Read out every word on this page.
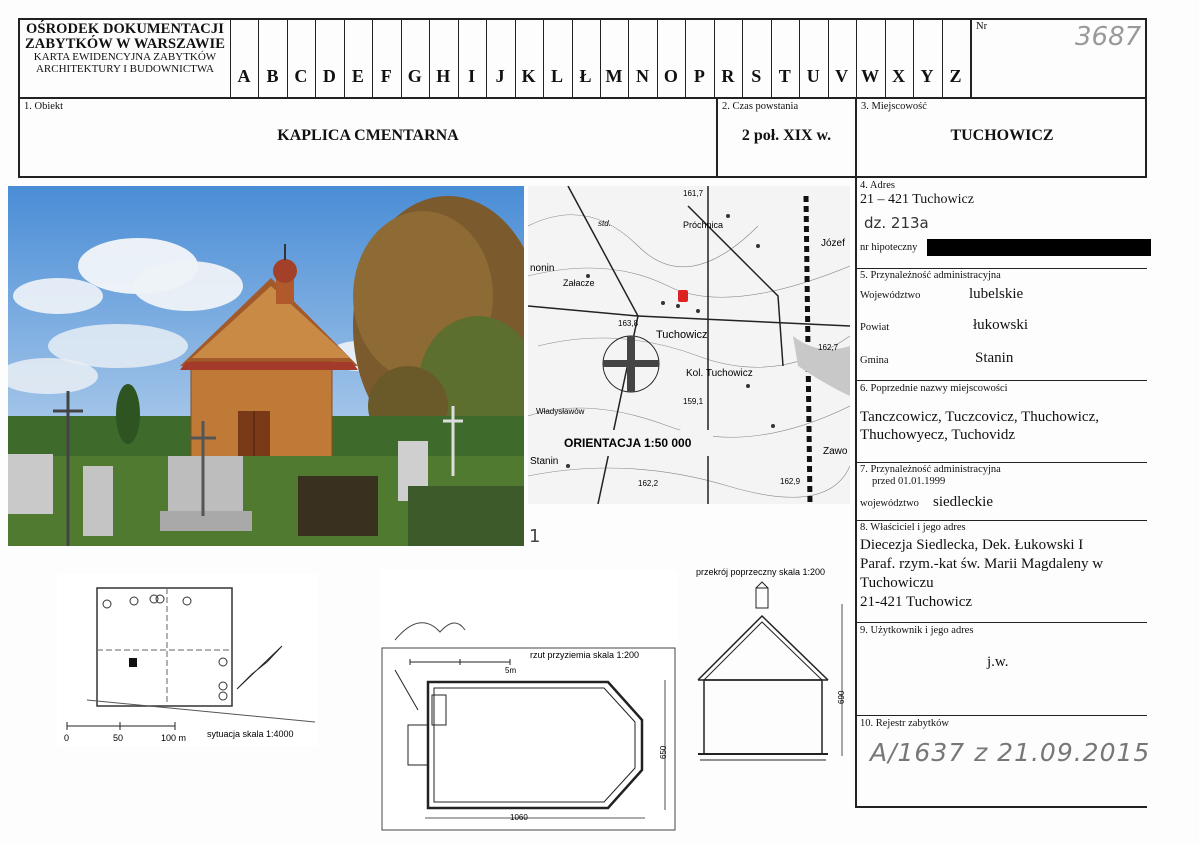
OŚRODEK DOKUMENTACJI
ZABYTKÓW W WARSZAWIE
KARTA EWIDENCYJNA ZABYTKÓW
ARCHITEKTURY I BUDOWNICTWA	A B C D E F G H I	J K L Ł M N O P R S T U V W X Y Z
Nr	3687
1. Obiekt
KAPLICA CMENTARNA
2. Czas powstania
2 poł. XIX w.
3. Miejscowość
TUCHOWICZ
4. Adres
21 – 421 Tuchowicz
dz. 213a
nr hipoteczny
5. Przynależność administracyjna
Województwo	lubelskie
Powiat	łukowski
Gmina	Stanin
6. Poprzednie nazwy miejscowości
Tanczcowicz, Tuczcovicz, Thuchowicz,
Thuchowyecz, Tuchovidz
7. Przynależność administracyjna
przed 01.01.1999
województwo siedleckie
8. Właściciel i jego adres
Diecezja Siedlecka, Dek. Łukowski I
Paraf. rzym.-kat św. Marii Magdaleny w
Tuchowiczu
21-421 Tuchowicz
9. Użytkownik i jego adres
j.w.
10. Rejestr zabytków
A/1637 z 21.09.2015
1
161,7
Próchnica
std.
Załacze
nonin
Józef
163,8
Tuchowicz
Kol. Tuchowicz
162,7
159,1
Władysławów
ORIENTACJA 1:50 000
Stanin
Zawo
162,2	162,9
0	50	100 m sytuacja skala 1:4000
rzut przyziemia skala 1:200
5m
1060
650
przekrój poprzeczny skala 1:200
690
